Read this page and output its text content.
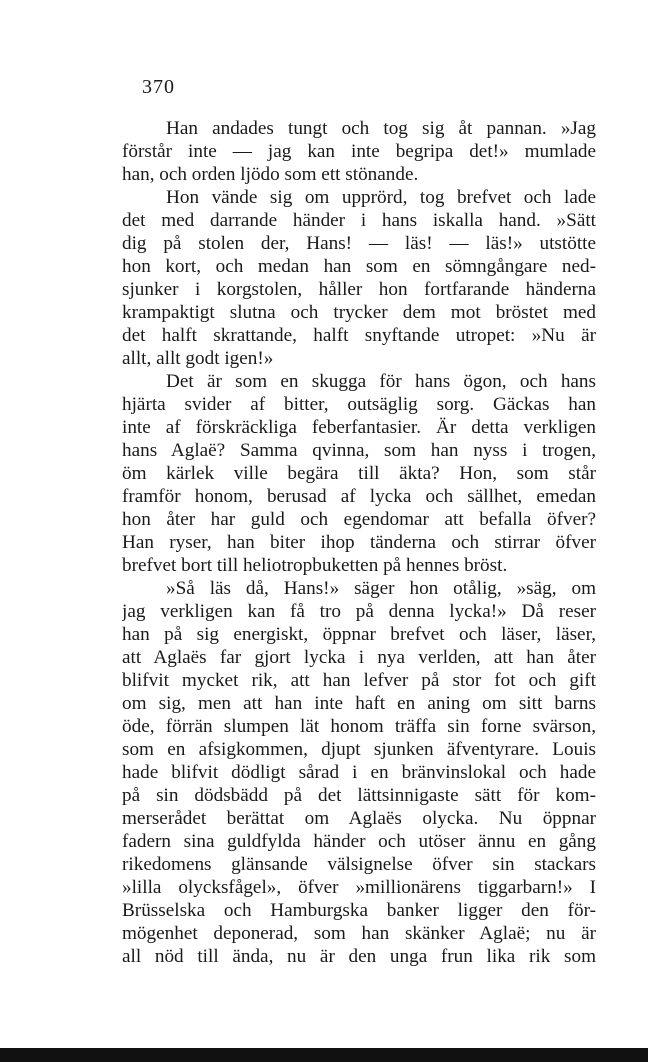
370
Han andades tungt och tog sig åt pannan. »Jag
förstår inte — jag kan inte begripa det!» mumlade
han, och orden ljödo som ett stönande.
Hon vände sig om upprörd, tog brefvet och lade
det med darrande händer i hans iskalla hand. »Sätt
dig på stolen der, Hans! — läs! — läs!» utstötte
hon kort, och medan han som en sömngångare ned-
sjunker i korgstolen, håller hon fortfarande händerna
krampaktigt slutna och trycker dem mot bröstet med
det halft skrattande, halft snyftande utropet: »Nu är
allt, allt godt igen!»
Det är som en skugga för hans ögon, och hans
hjärta svider af bitter, outsäglig sorg. Gäckas han
inte af förskräckliga feberfantasier. Är detta verkligen
hans Aglaë? Samma qvinna, som han nyss i trogen,
öm kärlek ville begära till äkta? Hon, som står
framför honom, berusad af lycka och sällhet, emedan
hon åter har guld och egendomar att befalla öfver?
Han ryser, han biter ihop tänderna och stirrar öfver
brefvet bort till heliotropbuketten på hennes bröst.
»Så läs då, Hans!» säger hon otålig, »säg, om
jag verkligen kan få tro på denna lycka!» Då reser
han på sig energiskt, öppnar brefvet och läser, läser,
att Aglaës far gjort lycka i nya verlden, att han åter
blifvit mycket rik, att han lefver på stor fot och gift
om sig, men att han inte haft en aning om sitt barns
öde, förrän slumpen lät honom träffa sin forne svärson,
som en afsigkommen, djupt sjunken äfventyrare. Louis
hade blifvit dödligt sårad i en bränvinslokal och hade
på sin dödsbädd på det lättsinnigaste sätt för kom-
merserådet berättat om Aglaës olycka. Nu öppnar
fadern sina guldfylda händer och utöser ännu en gång
rikedomens glänsande välsignelse öfver sin stackars
»lilla olycksfågel», öfver »millionärens tiggarbarn!» I
Brüsselska och Hamburgska banker ligger den för-
mögenhet deponerad, som han skänker Aglaë; nu är
all nöd till ända, nu är den unga frun lika rik som
